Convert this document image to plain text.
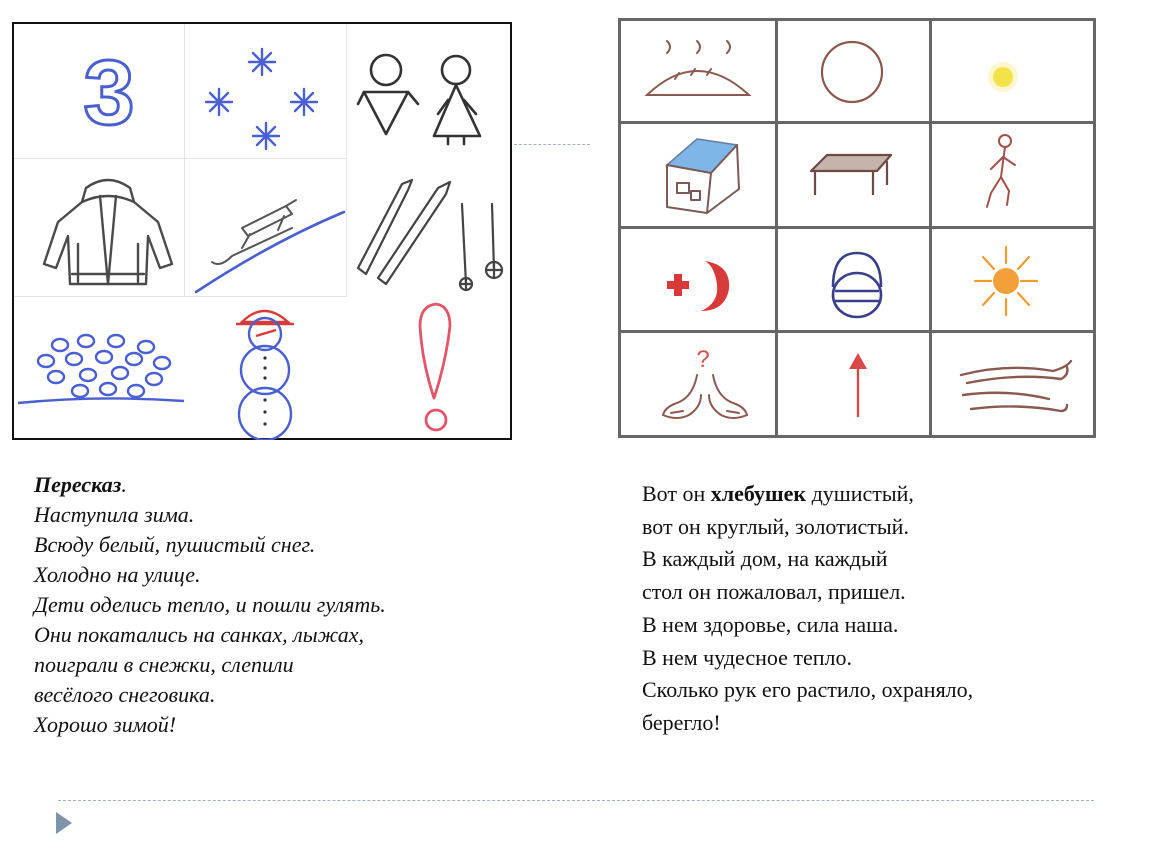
3
?
Пересказ.
Наступила зима.
Всюду белый, пушистый снег.
Холодно на улице.
Дети оделись тепло, и пошли гулять.
Они покатались на санках, лыжах,
поиграли в снежки, слепили
весёлого снеговика.
Хорошо зимой!
Вот он хлебушек душистый,
вот он круглый, золотистый.
В каждый дом, на каждый
стол он пожаловал, пришел.
В нем здоровье, сила наша.
В нем чудесное тепло.
Сколько рук его растило, охраняло,
берегло!
